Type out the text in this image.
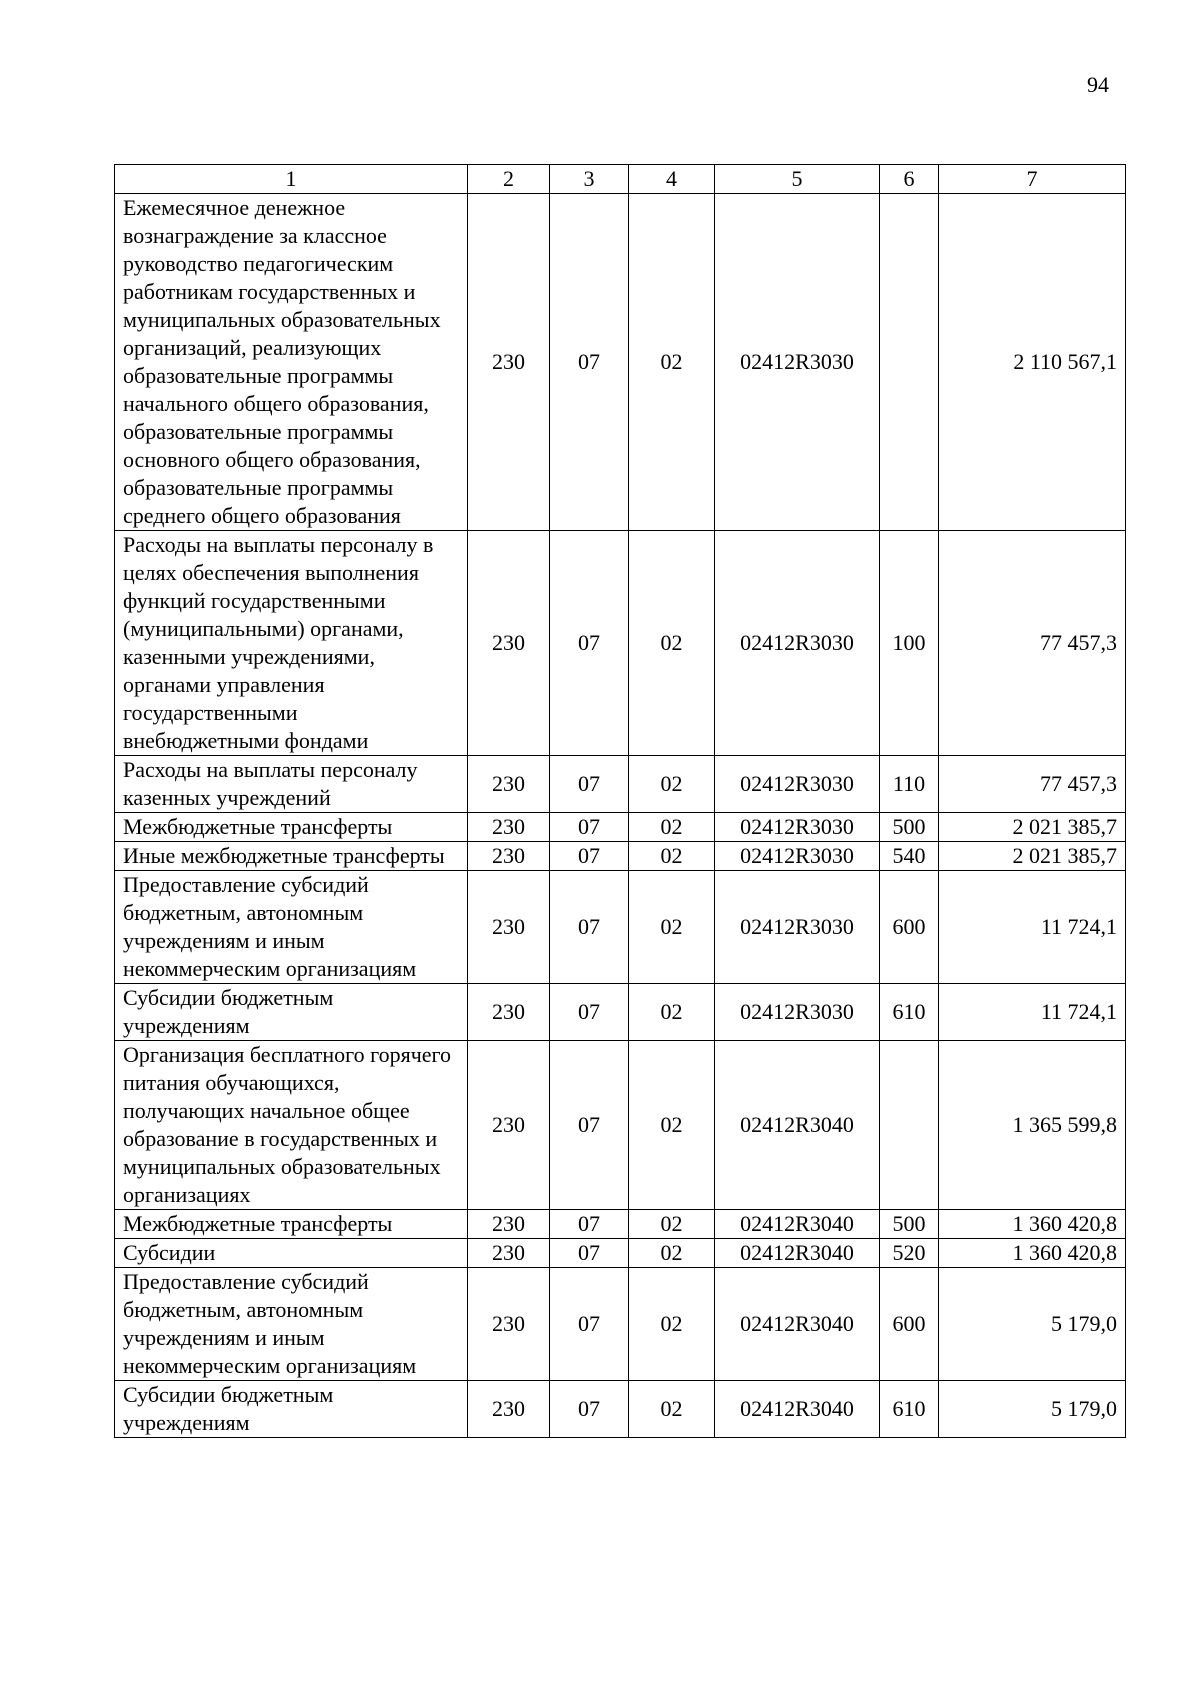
94
1	2	3	4	5	6	7
Ежемесячное денежное вознаграждение за классное руководство педагогическим работникам государственных и муниципальных образовательных организаций, реализующих образовательные программы начального общего образования, образовательные программы основного общего образования, образовательные программы среднего общего образования	230	07	02	02412R3030		2 110 567,1
Расходы на выплаты персоналу в целях обеспечения выполнения функций государственными (муниципальными) органами, казенными учреждениями, органами управления государственными внебюджетными фондами	230	07	02	02412R3030	100	77 457,3
Расходы на выплаты персоналу казенных учреждений	230	07	02	02412R3030	110	77 457,3
Межбюджетные трансферты	230	07	02	02412R3030	500	2 021 385,7
Иные межбюджетные трансферты	230	07	02	02412R3030	540	2 021 385,7
Предоставление субсидий бюджетным, автономным учреждениям и иным некоммерческим организациям	230	07	02	02412R3030	600	11 724,1
Субсидии бюджетным учреждениям	230	07	02	02412R3030	610	11 724,1
Организация бесплатного горячего питания обучающихся, получающих начальное общее образование в государственных и муниципальных образовательных организациях	230	07	02	02412R3040		1 365 599,8
Межбюджетные трансферты	230	07	02	02412R3040	500	1 360 420,8
Субсидии	230	07	02	02412R3040	520	1 360 420,8
Предоставление субсидий бюджетным, автономным учреждениям и иным некоммерческим организациям	230	07	02	02412R3040	600	5 179,0
Субсидии бюджетным учреждениям	230	07	02	02412R3040	610	5 179,0
